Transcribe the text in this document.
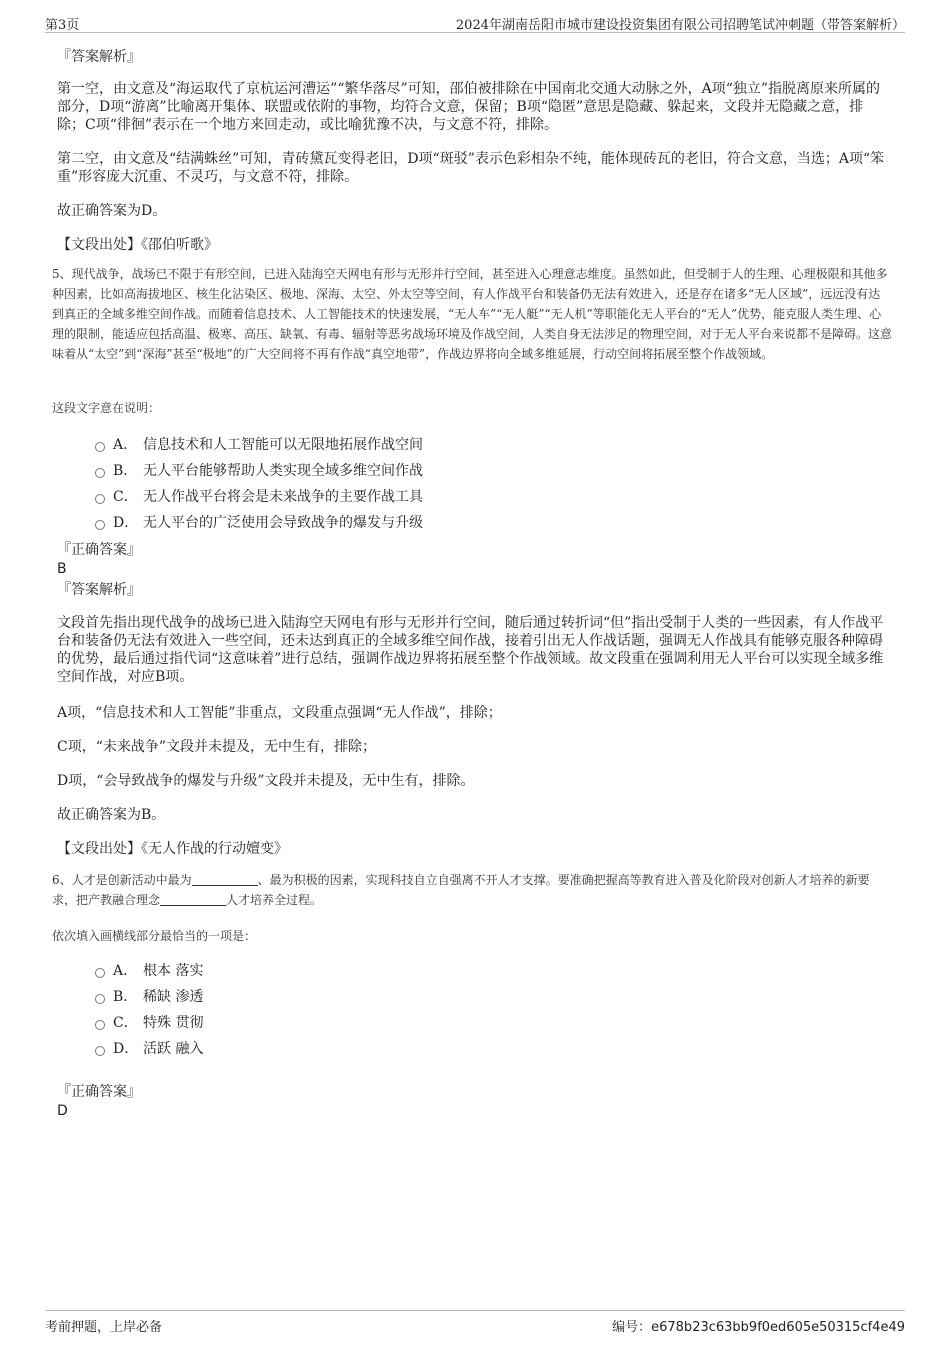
第3页	2024年湖南岳阳市城市建设投资集团有限公司招聘笔试冲刺题（带答案解析）
『答案解析』

第一空，由文意及“海运取代了京杭运河漕运”“繁华落尽”可知，邵伯被排除在中国南北交通大动脉之外，A项“独立”指脱离原来所属的部分，D项“游离”比喻离开集体、联盟或依附的事物，均符合文意，保留；B项“隐匿”意思是隐藏、躲起来，文段并无隐藏之意，排除；C项“徘徊”表示在一个地方来回走动，或比喻犹豫不决，与文意不符，排除。

第二空，由文意及“结满蛛丝”可知，青砖黛瓦变得老旧，D项“斑驳”表示色彩相杂不纯，能体现砖瓦的老旧，符合文意，当选；A项“笨重”形容庞大沉重、不灵巧，与文意不符，排除。

故正确答案为D。

【文段出处】《邵伯听歌》

5、现代战争，战场已不限于有形空间，已进入陆海空天网电有形与无形并行空间，甚至进入心理意志维度。虽然如此，但受制于人的生理、心理极限和其他多种因素，比如高海拔地区、核生化沾染区、极地、深海、太空、外太空等空间，有人作战平台和装备仍无法有效进入，还是存在诸多“无人区域”，远远没有达到真正的全域多维空间作战。而随着信息技术、人工智能技术的快速发展，“无人车”“无人艇”“无人机”等职能化无人平台的“无人”优势，能克服人类生理、心理的限制，能适应包括高温、极寒、高压、缺氧、有毒、辐射等恶劣战场环境及作战空间，人类自身无法涉足的物理空间，对于无人平台来说都不是障碍。这意味着从“太空”到“深海”甚至“极地”的广大空间将不再有作战“真空地带”，作战边界将向全域多维延展，行动空间将拓展至整个作战领域。

这段文字意在说明：

A． 信息技术和人工智能可以无限地拓展作战空间
B． 无人平台能够帮助人类实现全域多维空间作战
C． 无人作战平台将会是未来战争的主要作战工具
D． 无人平台的广泛使用会导致战争的爆发与升级
『正确答案』
B
『答案解析』

文段首先指出现代战争的战场已进入陆海空天网电有形与无形并行空间，随后通过转折词“但”指出受制于人类的一些因素，有人作战平台和装备仍无法有效进入一些空间，还未达到真正的全域多维空间作战，接着引出无人作战话题，强调无人作战具有能够克服各种障碍的优势，最后通过指代词“这意味着”进行总结，强调作战边界将拓展至整个作战领域。故文段重在强调利用无人平台可以实现全域多维空间作战，对应B项。

A项，“信息技术和人工智能”非重点，文段重点强调“无人作战”，排除；

C项，“未来战争”文段并未提及，无中生有，排除；

D项，“会导致战争的爆发与升级”文段并未提及，无中生有，排除。

故正确答案为B。

【文段出处】《无人作战的行动嬗变》

6、人才是创新活动中最为	、最为积极的因素，实现科技自立自强离不开人才支撑。要准确把握高等教育进入普及化阶段对创新人才培养的新要求，把产教融合理念	人才培养全过程。

依次填入画横线部分最恰当的一项是：

A． 根本 落实
B． 稀缺 渗透
C． 特殊 贯彻
D． 活跃 融入
『正确答案』
D
考前押题，上岸必备	编号：e678b23c63bb9f0ed605e50315cf4e49
